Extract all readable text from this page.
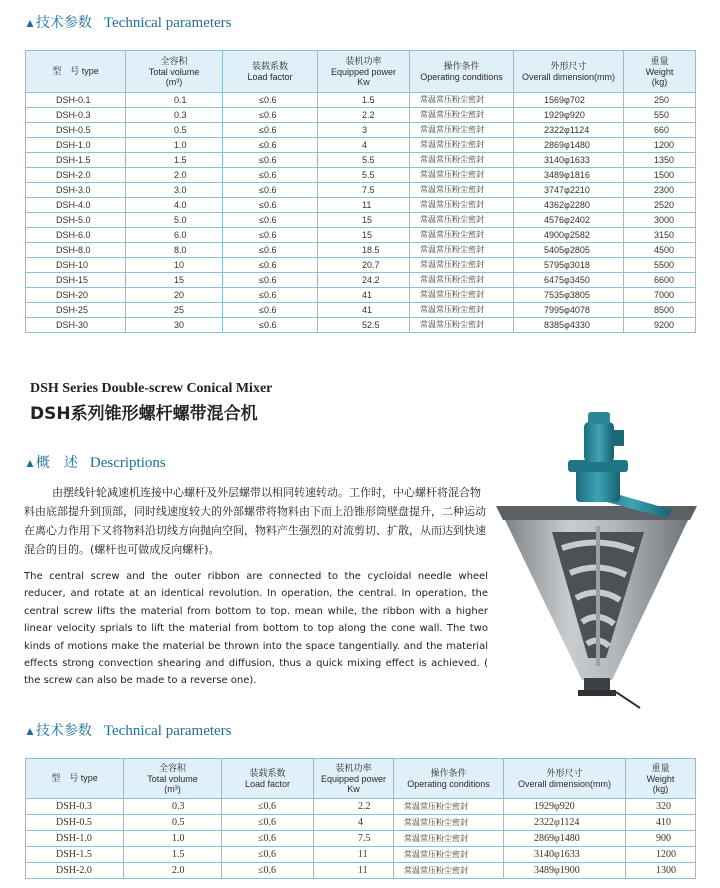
▲技术参数 Technical parameters
型　号 type	全容积
Total volume
(m³)	装载系数
Load factor	装机功率
Equipped power
Kw	操作条件
Operating conditions	外形尺寸
Overall dimension(mm)	重量
Weight
(kg)

DSH-0.1	0.1	≤0.6	1.5	常温常压粉尘密封	1569φ702	250
DSH-0.3	0.3	≤0.6	2.2	常温常压粉尘密封	1929φ920	550
DSH-0.5	0.5	≤0.6	3	常温常压粉尘密封	2322φ1124	660
DSH-1.0	1.0	≤0.6	4	常温常压粉尘密封	2869φ1480	1200
DSH-1.5	1.5	≤0.6	5.5	常温常压粉尘密封	3140φ1633	1350
DSH-2.0	2.0	≤0.6	5.5	常温常压粉尘密封	3489φ1816	1500
DSH-3.0	3.0	≤0.6	7.5	常温常压粉尘密封	3747φ2210	2300
DSH-4.0	4.0	≤0.6	11	常温常压粉尘密封	4362φ2280	2520
DSH-5.0	5.0	≤0.6	15	常温常压粉尘密封	4576φ2402	3000
DSH-6.0	6.0	≤0.6	15	常温常压粉尘密封	4900φ2582	3150
DSH-8.0	8.0	≤0.6	18.5	常温常压粉尘密封	5405φ2805	4500
DSH-10	10	≤0.6	20.7	常温常压粉尘密封	5795φ3018	5500
DSH-15	15	≤0.6	24.2	常温常压粉尘密封	6475φ3450	6600
DSH-20	20	≤0.6	41	常温常压粉尘密封	7535φ3805	7000
DSH-25	25	≤0.6	41	常温常压粉尘密封	7995φ4078	8500
DSH-30	30	≤0.6	52.5	常温常压粉尘密封	8385φ4330	9200
DSH Series Double-screw Conical Mixer
DSH系列锥形螺杆螺带混合机
▲概　述 Descriptions

由摆线针轮减速机连接中心螺杆及外层螺带以相同转速转动。工作时，中心螺杆将混合物料由底部提升到顶部，同时线速度较大的外部螺带将物料由下而上沿锥形筒壁盘提升，二种运动在离心力作用下又将物料沿切线方向抛向空间，物料产生强烈的对流剪切、扩散，从而达到快速混合的目的。(螺杆也可做成反向螺杆)。

The central screw and the outer ribbon are connected to the cycloidal needle wheel reducer, and rotate at an identical revolution. In operation, the central. In operation, the central screw lifts the material from bottom to top. mean while, the ribbon with a higher linear velocity sprials to lift the material from bottom to top along the cone wall. The two kinds of motions make the material be thrown into the space tangentially. and the material effects strong convection shearing and diffusion, thus a quick mixing effect is achieved. ( the screw can also be made to a reverse one).

▲技术参数 Technical parameters
型　号 type	全容积
Total volume
(m³)	装载系数
Load factor	装机功率
Equipped power
Kw	操作条件
Operating conditions	外形尺寸
Overall dimension(mm)	重量
Weight
(kg)

DSH-0.3	0.3	≤0.6	2.2	常温常压粉尘密封	1929φ920	320
DSH-0.5	0.5	≤0.6	4	常温常压粉尘密封	2322φ1124	410
DSH-1.0	1.0	≤0.6	7.5	常温常压粉尘密封	2869φ1480	900
DSH-1.5	1.5	≤0.6	11	常温常压粉尘密封	3140φ1633	1200
DSH-2.0	2.0	≤0.6	11	常温常压粉尘密封	3489φ1900	1300
